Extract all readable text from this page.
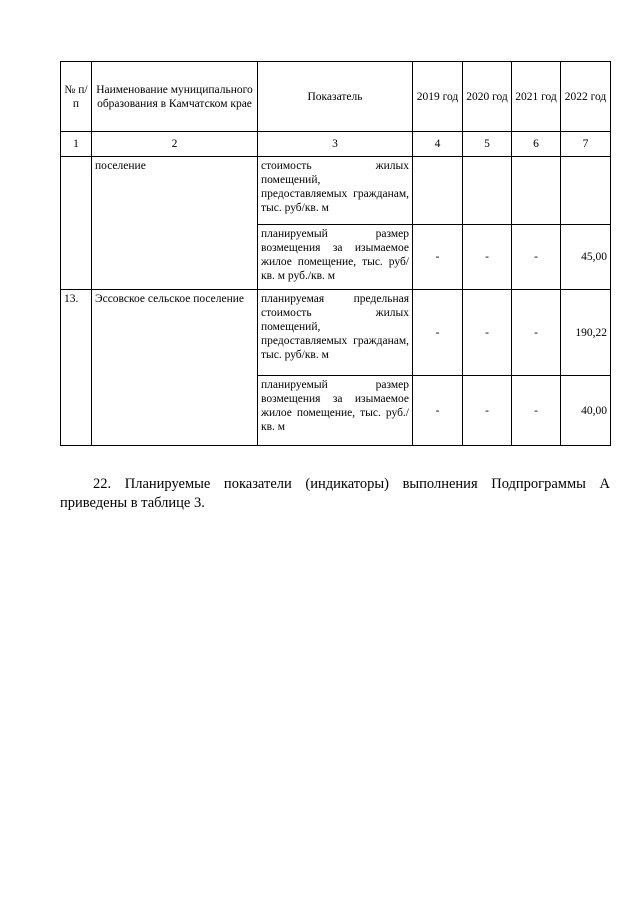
№ п/п	Наименование муниципального образования в Камчатском крае	Показатель	2019 год	2020 год	2021 год	2022 год
1	2	3	4	5	6	7
	поселение	стоимость жилых помещений, предоставляемых гражданам, тыс. руб/кв. м				
		планируемый размер возмещения за изымаемое жилое помещение, тыс. руб/кв. м руб./кв. м	-	-	-	45,00
13.	Эссовское сельское поселение	планируемая предельная стоимость жилых помещений, предоставляемых гражданам, тыс. руб/кв. м	-	-	-	190,22
		планируемый размер возмещения за изымаемое жилое помещение, тыс. руб./кв. м	-	-	-	40,00

22. Планируемые показатели (индикаторы) выполнения Подпрограммы А приведены в таблице 3.
